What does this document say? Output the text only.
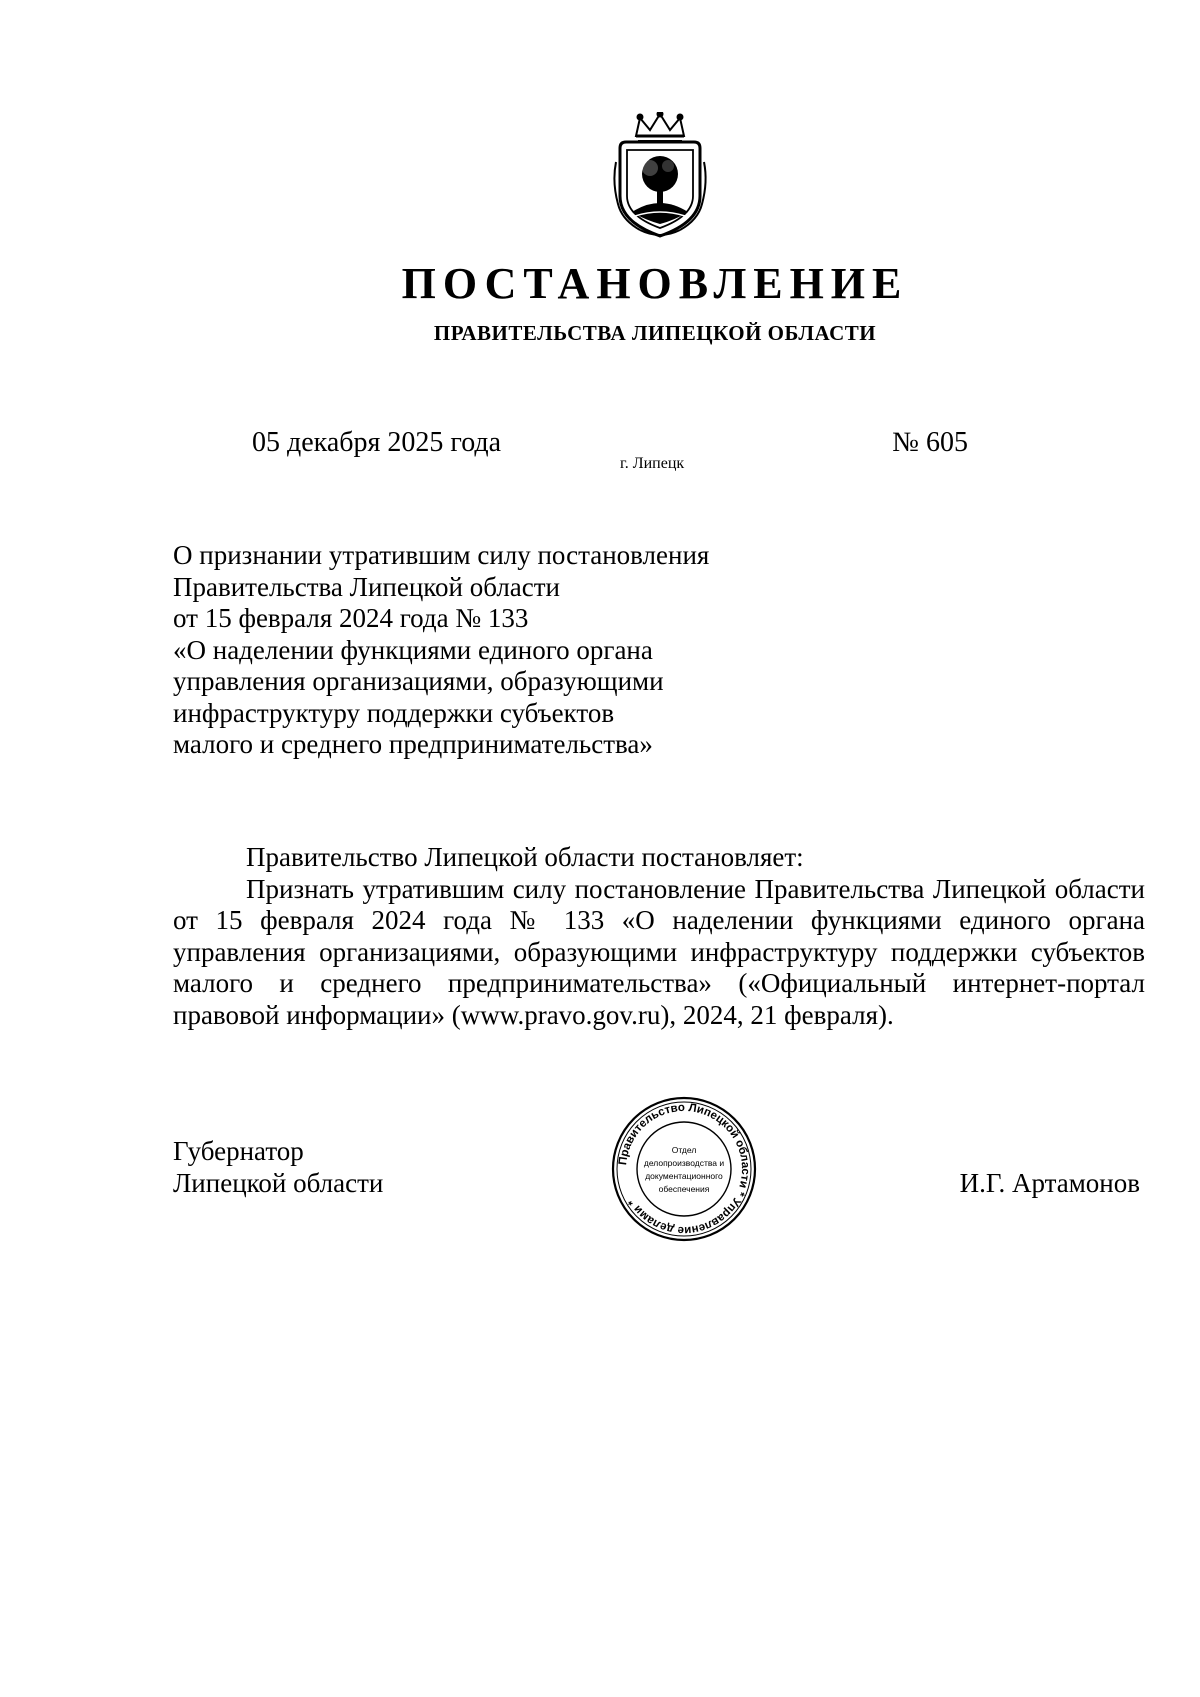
ПОСТАНОВЛЕНИЕ
ПРАВИТЕЛЬСТВА ЛИПЕЦКОЙ ОБЛАСТИ
05 декабря 2025 года
г. Липецк
№ 605
О признании утратившим силу постановления
Правительства Липецкой области
от 15 февраля 2024 года № 133
«О наделении функциями единого органа
управления организациями, образующими
инфраструктуру поддержки субъектов
малого и среднего предпринимательства»

Правительство Липецкой области постановляет:

Признать утратившим силу постановление Правительства Липецкой области от 15 февраля 2024 года № 133 «О наделении функциями единого органа управления организациями, образующими инфраструктуру поддержки субъектов малого и среднего предпринимательства» («Официальный интернет-портал правовой информации» (www.pravo.gov.ru), 2024, 21 февраля).

Губернатор
Липецкой области
Правительство Липецкой области * Управление делами *
Отдел
делопроизводства и
документационного
обеспечения	И.Г. Артамонов
